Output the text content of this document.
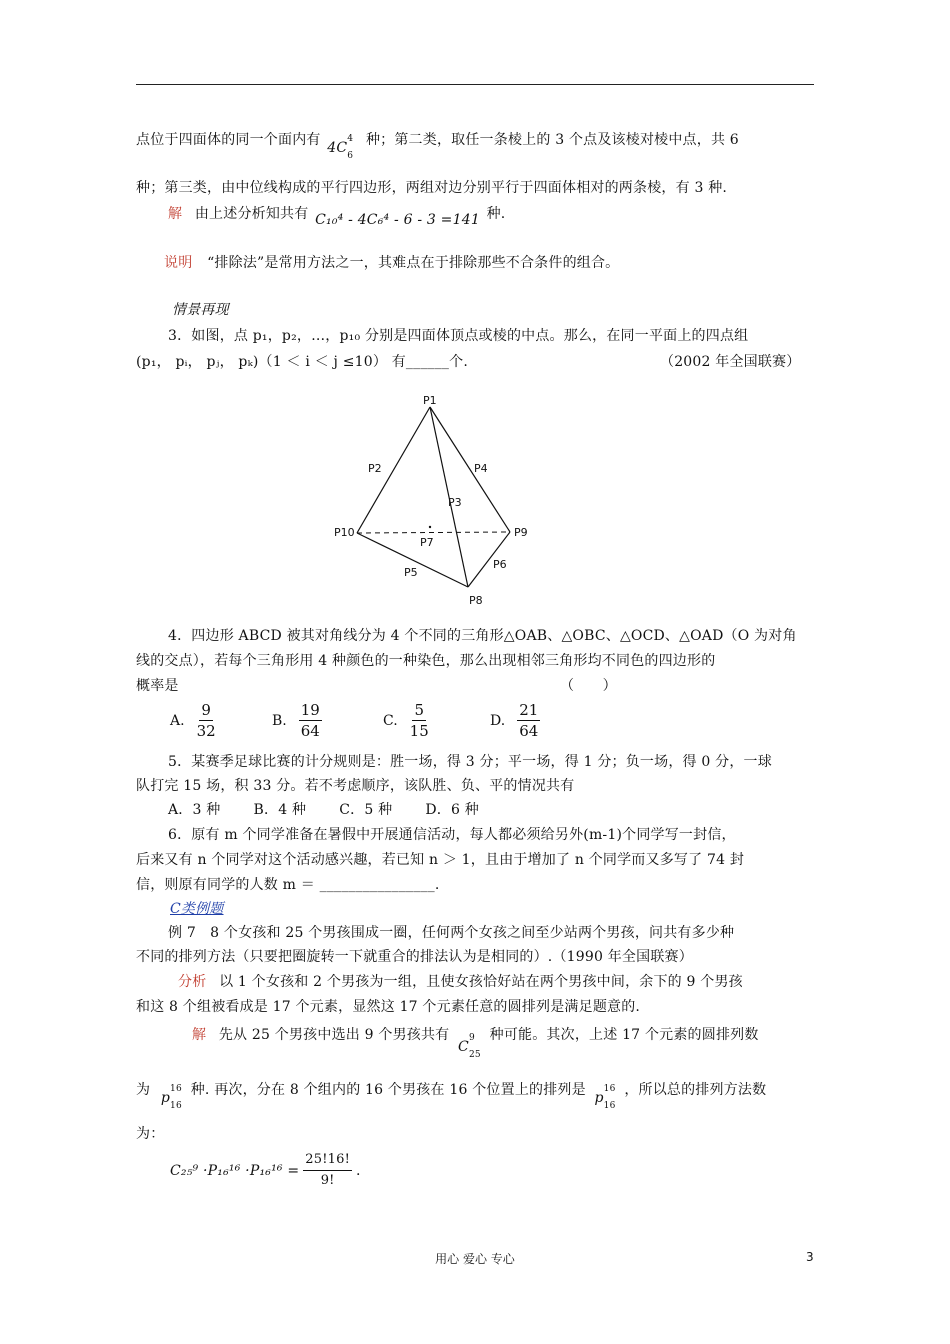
点位于四面体的同一个面内有 4C
4
6
种；第二类，取任一条棱上的 3 个点及该棱对棱中点，共 6
种；第三类，由中位线构成的平行四边形，两组对边分别平行于四面体相对的两条棱，有 3 种.
解 由上述分析知共有 C₁₀⁴ - 4C₆⁴ - 6 - 3 =141 种.
说明 “排除法”是常用方法之一，其难点在于排除那些不合条件的组合。
情景再现
3．如图，点 p₁，p₂，…，p₁₀ 分别是四面体顶点或棱的中点。那么，在同一平面上的四点组
(p₁， pᵢ， pⱼ， pₖ)（1 ＜ i ＜ j ≤10） 有______个.	（2002 年全国联赛）
P1
P2
P3
P4
P5
P6
P7
P8
P9
P10
4．四边形 ABCD 被其对角线分为 4 个不同的三角形△OAB、△OBC、△OCD、△OAD（O 为对角
线的交点），若每个三角形用 4 种颜色的一种染色，那么出现相邻三角形均不同色的四边形的
概率是	（　　）
A. $\frac{9}{32}$	B. $\frac{19}{64}$	C. $\frac{5}{15}$	D. $\frac{21}{64}$
5．某赛季足球比赛的计分规则是：胜一场，得 3 分；平一场，得 1 分；负一场，得 0 分，一球
队打完 15 场，积 33 分。若不考虑顺序，该队胜、负、平的情况共有
A．3 种　　 B．4 种　　 C．5 种　　 D．6 种
6．原有 m 个同学准备在暑假中开展通信活动，每人都必须给另外(m-1)个同学写一封信，
后来又有 n 个同学对这个活动感兴趣，若已知 n ＞ 1，且由于增加了 n 个同学而又多写了 74 封
信，则原有同学的人数 m ＝ ________________.
C类例题
例 7　8 个女孩和 25 个男孩围成一圈，任何两个女孩之间至少站两个男孩，问共有多少种
不同的排列方法（只要把圈旋转一下就重合的排法认为是相同的）.（1990 年全国联赛）
分析 以 1 个女孩和 2 个男孩为一组，且使女孩恰好站在两个男孩中间，余下的 9 个男孩
和这 8 个组被看成是 17 个元素，显然这 17 个元素任意的圆排列是满足题意的.
解 先从 25 个男孩中选出 9 个男孩共有 C
9
25
种可能。其次，上述 17 个元素的圆排列数
为 p
16
16
种. 再次，分在 8 个组内的 16 个男孩在 16 个位置上的排列是 p
16
16
，所以总的排列方法数
为：
$C_{25}^9 \cdot P_{16}^{16} \cdot P_{16}^{16} = \frac{25!16!}{9!}$ .
用心 爱心 专心	3
